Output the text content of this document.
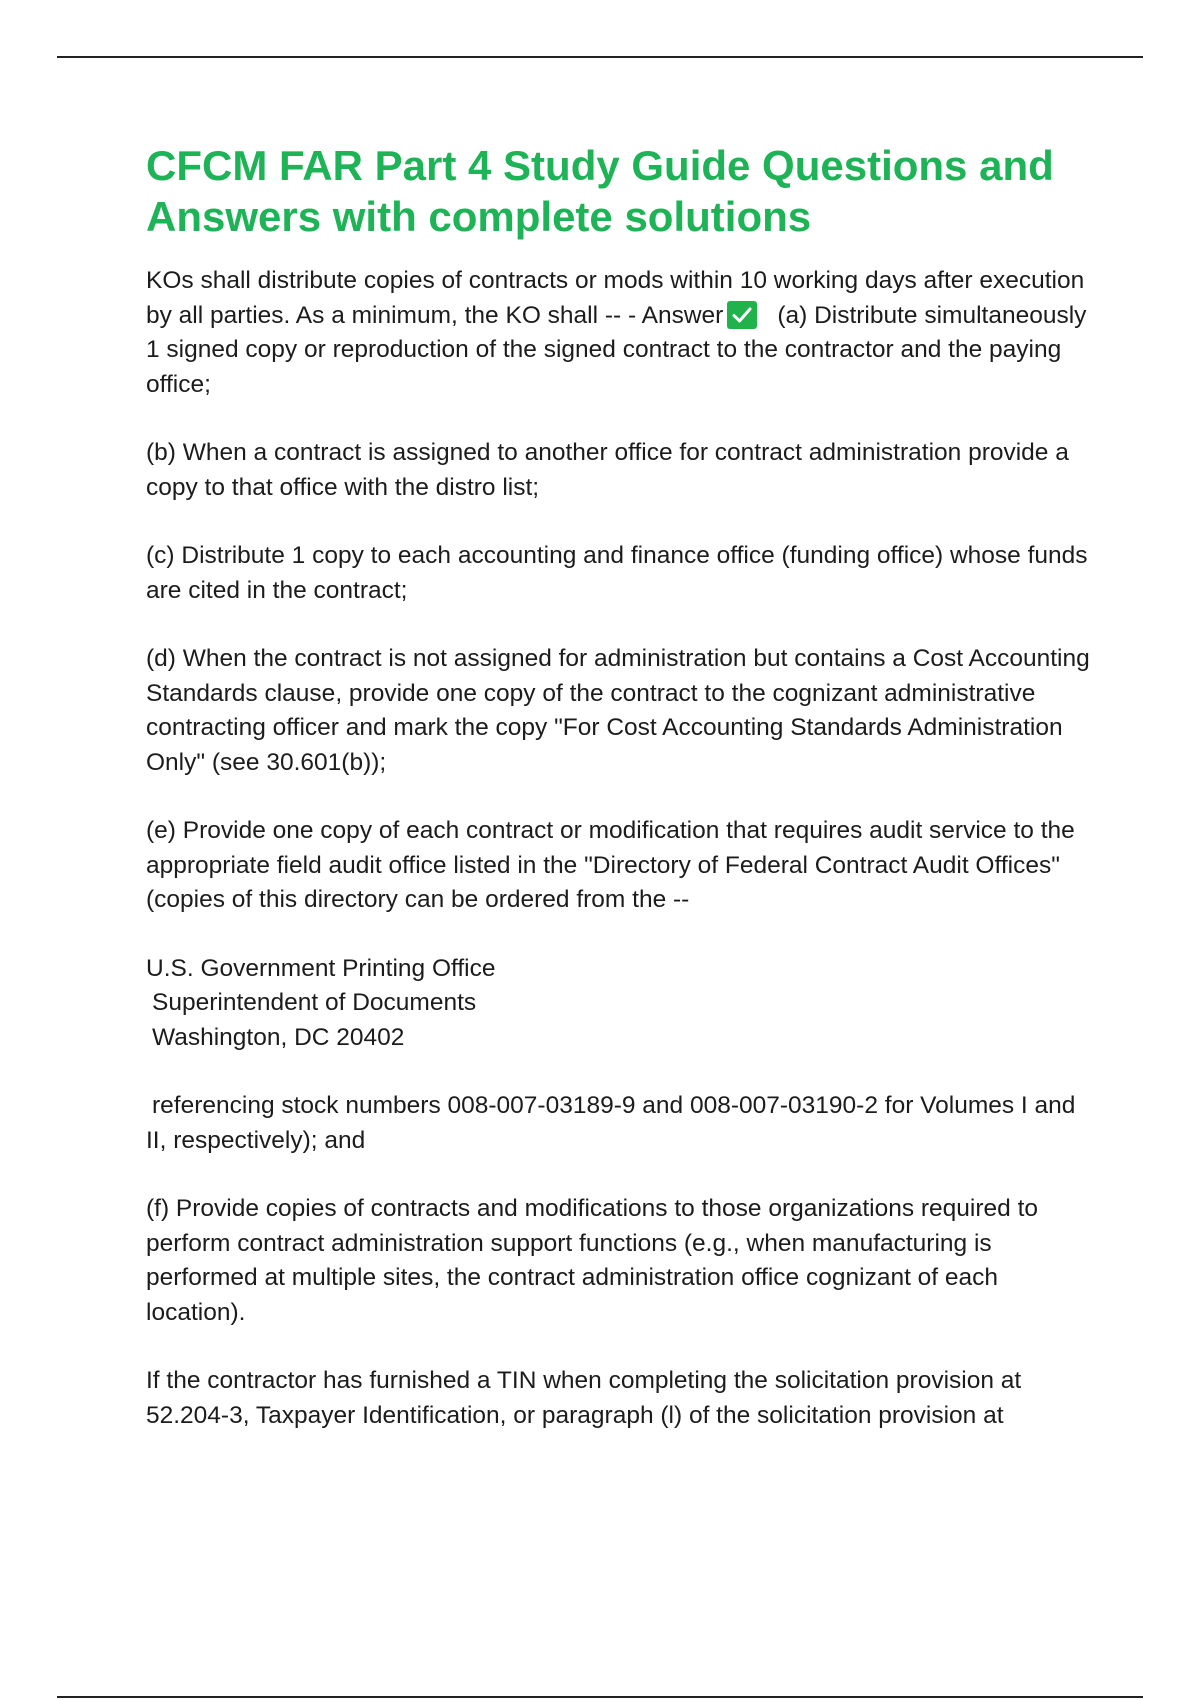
CFCM FAR Part 4 Study Guide Questions and Answers with complete solutions

KOs shall distribute copies of contracts or mods within 10 working days after execution by all parties. As a minimum, the KO shall -- - Answer (a) Distribute simultaneously 1 signed copy or reproduction of the signed contract to the contractor and the paying office;

(b) When a contract is assigned to another office for contract administration provide a copy to that office with the distro list;

(c) Distribute 1 copy to each accounting and finance office (funding office) whose funds are cited in the contract;

(d) When the contract is not assigned for administration but contains a Cost Accounting Standards clause, provide one copy of the contract to the cognizant administrative contracting officer and mark the copy "For Cost Accounting Standards Administration Only" (see 30.601(b));

(e) Provide one copy of each contract or modification that requires audit service to the appropriate field audit office listed in the "Directory of Federal Contract Audit Offices" (copies of this directory can be ordered from the --

U.S. Government Printing Office
Superintendent of Documents
Washington, DC 20402

referencing stock numbers 008-007-03189-9 and 008-007-03190-2 for Volumes I and II, respectively); and

(f) Provide copies of contracts and modifications to those organizations required to perform contract administration support functions (e.g., when manufacturing is performed at multiple sites, the contract administration office cognizant of each location).

If the contractor has furnished a TIN when completing the solicitation provision at 52.204-3, Taxpayer Identification, or paragraph (l) of the solicitation provision at
